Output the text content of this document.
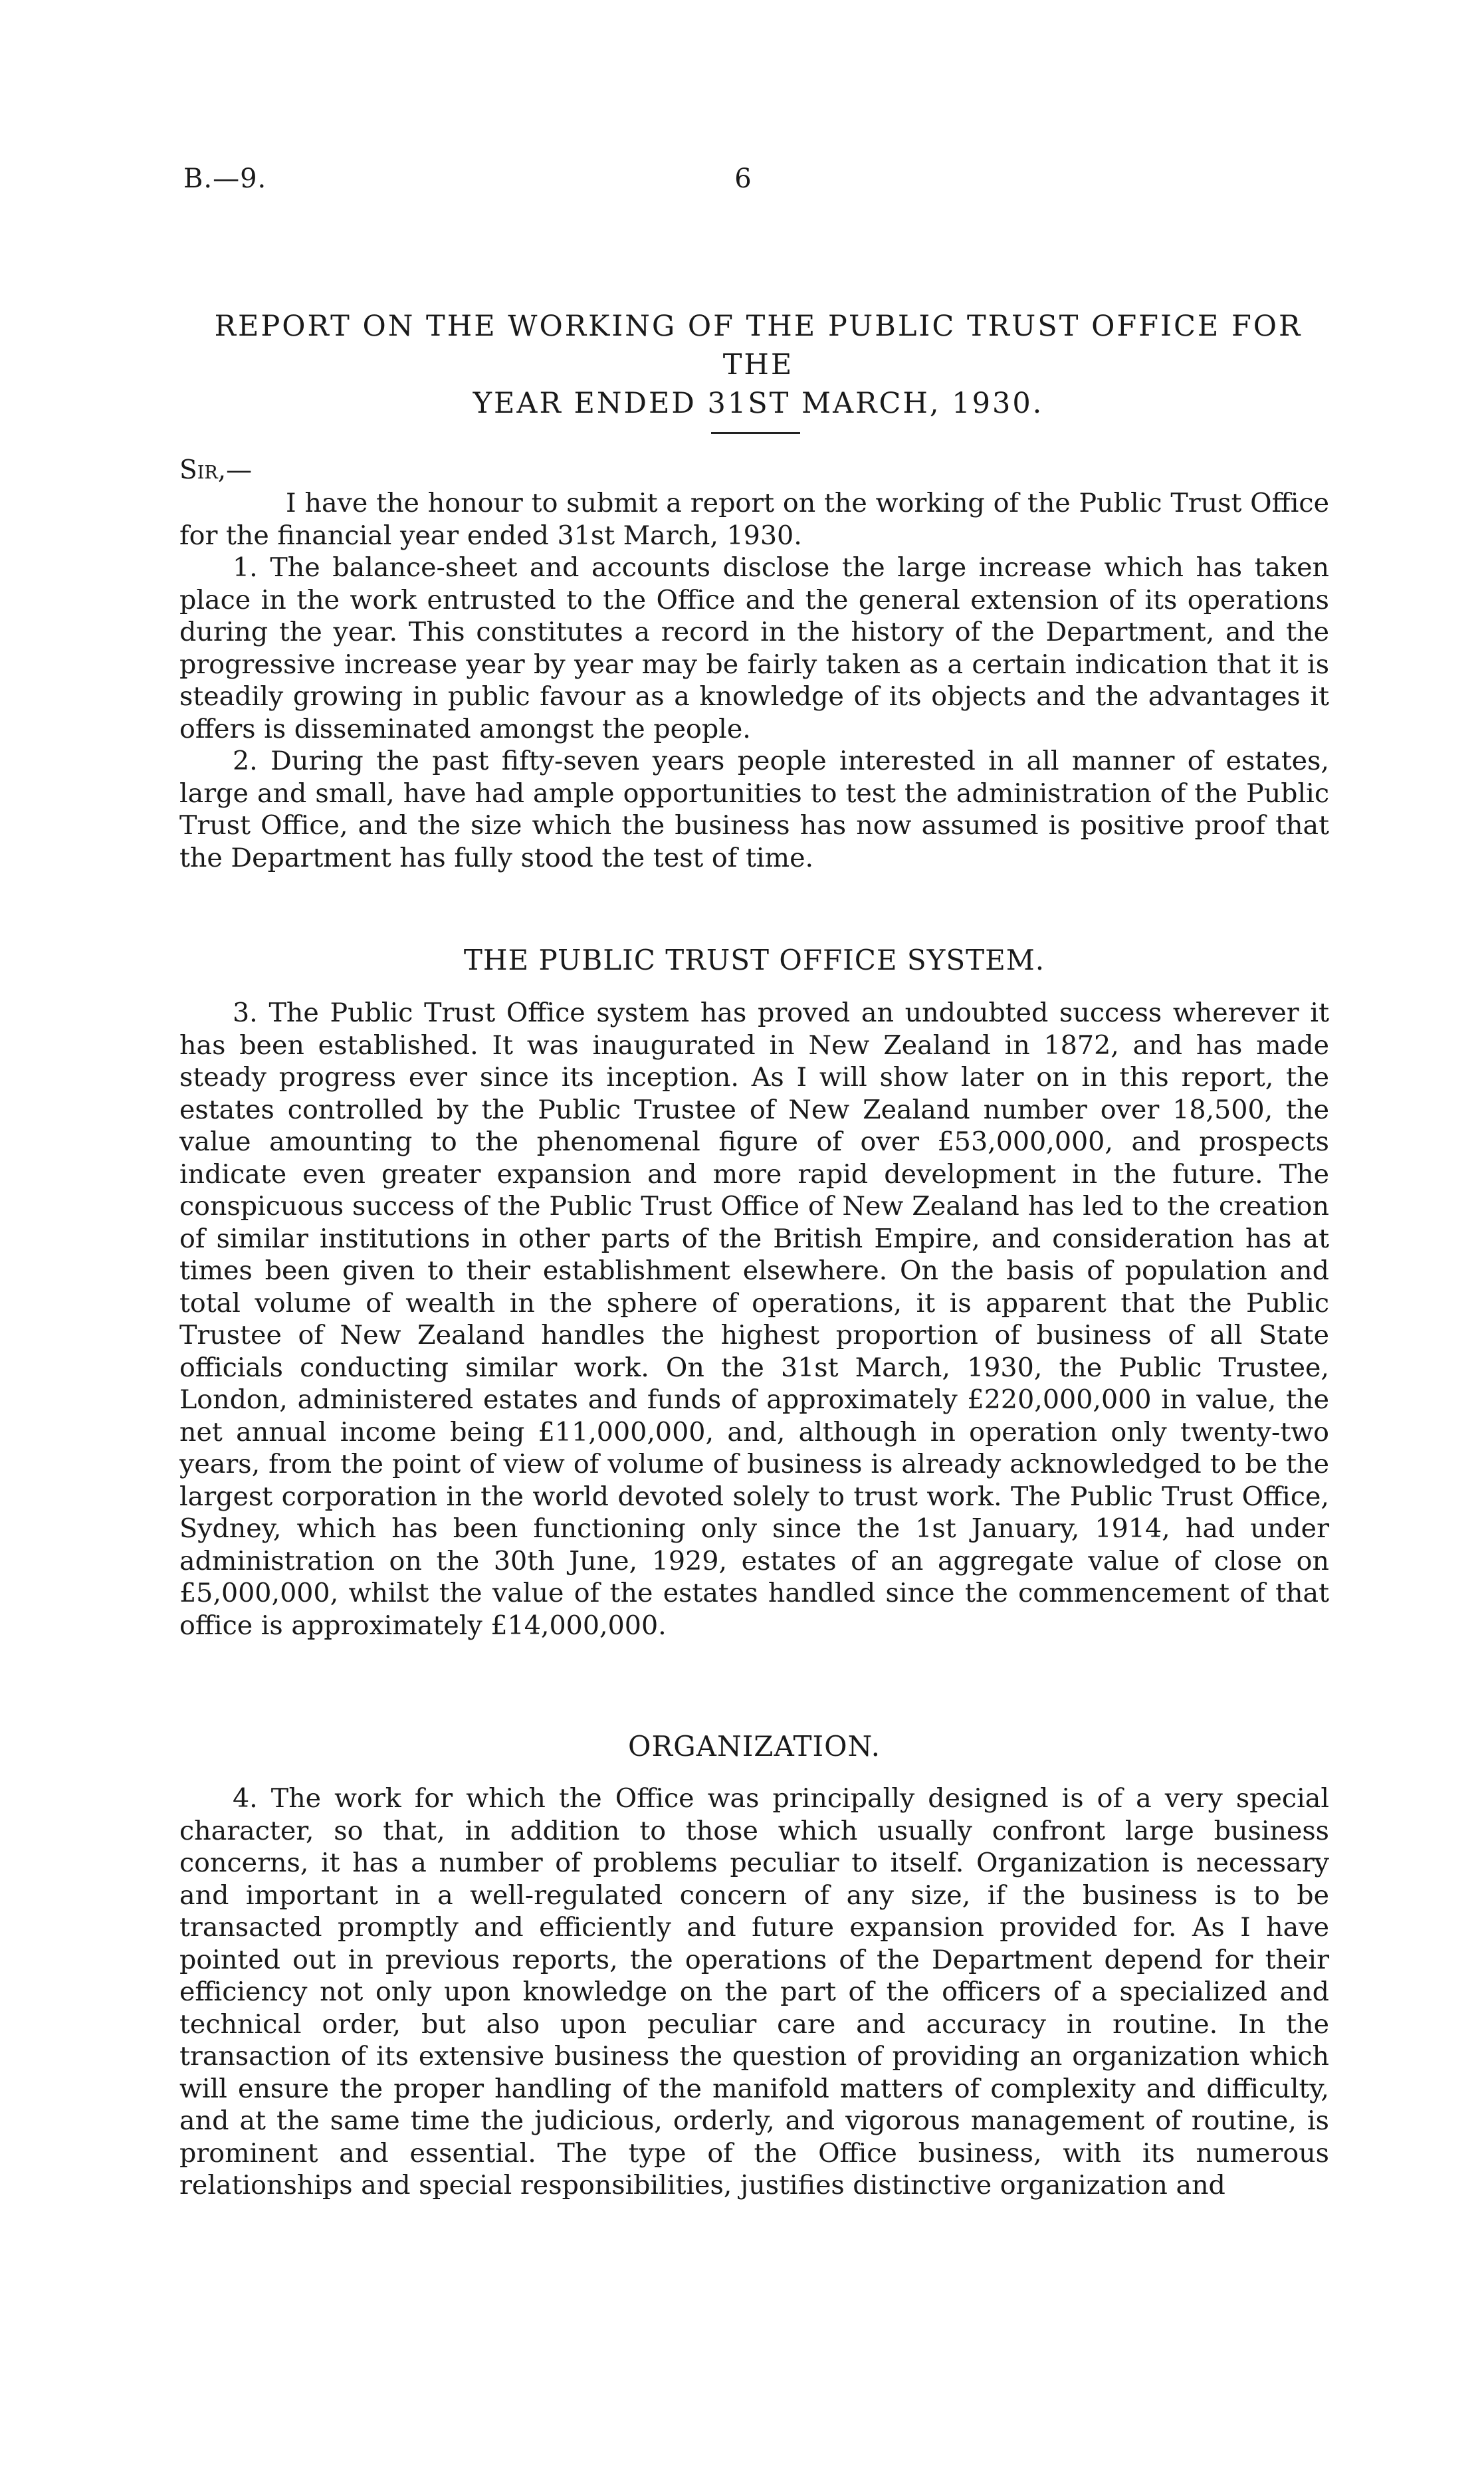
B.—9.	6
REPORT ON THE WORKING OF THE PUBLIC TRUST OFFICE FOR THE
YEAR ENDED 31ST MARCH, 1930.

Sir,—

I have the honour to submit a report on the working of the Public Trust Office for the financial year ended 31st March, 1930.

1. The balance-sheet and accounts disclose the large increase which has taken place in the work entrusted to the Office and the general extension of its operations during the year. This constitutes a record in the history of the Department, and the progressive increase year by year may be fairly taken as a certain indication that it is steadily growing in public favour as a knowledge of its objects and the advantages it offers is disseminated amongst the people.

2. During the past fifty-seven years people interested in all manner of estates, large and small, have had ample opportunities to test the administration of the Public Trust Office, and the size which the business has now assumed is positive proof that the Department has fully stood the test of time.

THE PUBLIC TRUST OFFICE SYSTEM.

3. The Public Trust Office system has proved an undoubted success wherever it has been established. It was inaugurated in New Zealand in 1872, and has made steady progress ever since its inception. As I will show later on in this report, the estates controlled by the Public Trustee of New Zealand number over 18,500, the value amounting to the phenomenal figure of over £53,000,000, and prospects indicate even greater expansion and more rapid development in the future. The conspicuous success of the Public Trust Office of New Zealand has led to the creation of similar institutions in other parts of the British Empire, and consideration has at times been given to their establishment elsewhere. On the basis of population and total volume of wealth in the sphere of operations, it is apparent that the Public Trustee of New Zealand handles the highest proportion of business of all State officials conducting similar work. On the 31st March, 1930, the Public Trustee, London, administered estates and funds of approximately £220,000,000 in value, the net annual income being £11,000,000, and, although in operation only twenty-two years, from the point of view of volume of business is already acknowledged to be the largest corporation in the world devoted solely to trust work. The Public Trust Office, Sydney, which has been functioning only since the 1st January, 1914, had under administration on the 30th June, 1929, estates of an aggregate value of close on £5,000,000, whilst the value of the estates handled since the commencement of that office is approximately £14,000,000.

ORGANIZATION.

4. The work for which the Office was principally designed is of a very special character, so that, in addition to those which usually confront large business concerns, it has a number of problems peculiar to itself. Organization is necessary and important in a well-regulated concern of any size, if the business is to be transacted promptly and efficiently and future expansion provided for. As I have pointed out in previous reports, the operations of the Department depend for their efficiency not only upon knowledge on the part of the officers of a specialized and technical order, but also upon peculiar care and accuracy in routine. In the transaction of its extensive business the question of providing an organization which will ensure the proper handling of the manifold matters of complexity and difficulty, and at the same time the judicious, orderly, and vigorous management of routine, is prominent and essential. The type of the Office business, with its numerous relationships and special responsibilities, justifies distinctive organization and
